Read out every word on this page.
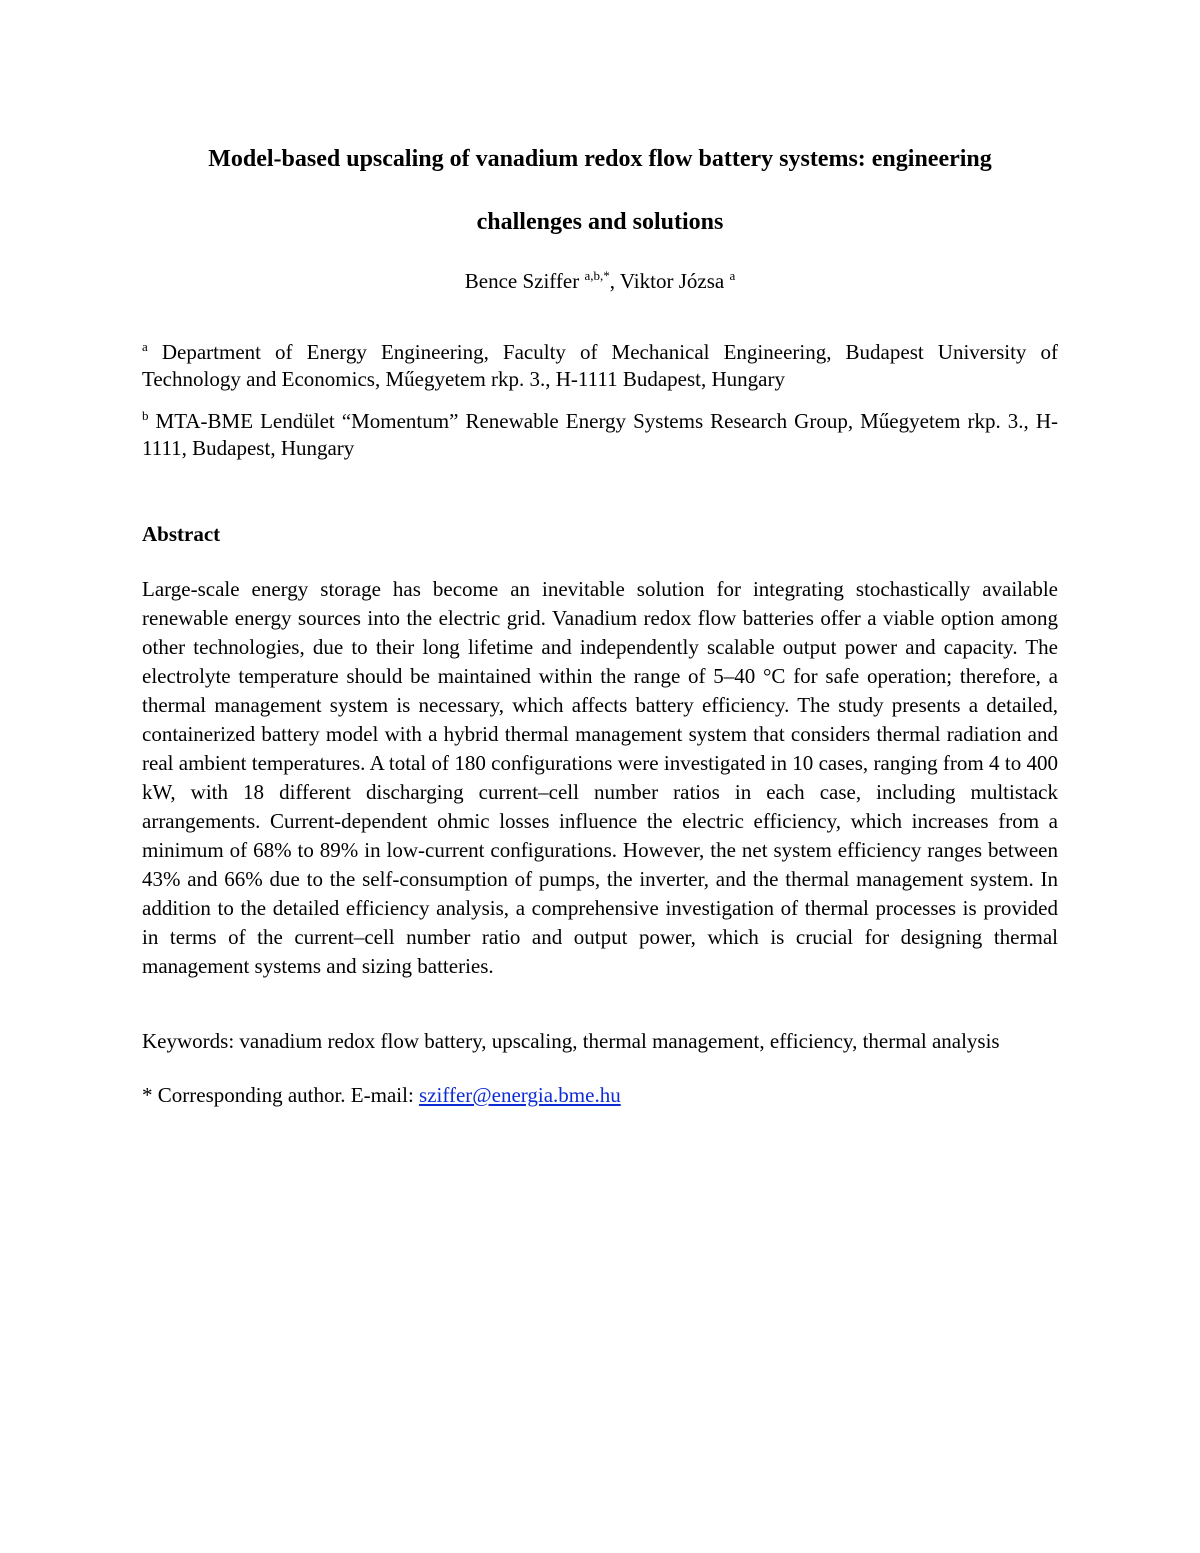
Model-based upscaling of vanadium redox flow battery systems: engineering
challenges and solutions
Bence Sziffer $^{a,b,*}$, Viktor Józsa $^a$

$^a$ Department of Energy Engineering, Faculty of Mechanical Engineering, Budapest University of Technology and Economics, Műegyetem rkp. 3., H-1111 Budapest, Hungary

$^b$ MTA-BME Lendület “Momentum” Renewable Energy Systems Research Group, Műegyetem rkp. 3., H-1111, Budapest, Hungary

Abstract

Large-scale energy storage has become an inevitable solution for integrating stochastically available renewable energy sources into the electric grid. Vanadium redox flow batteries offer a viable option among other technologies, due to their long lifetime and independently scalable output power and capacity. The electrolyte temperature should be maintained within the range of 5–40 °C for safe operation; therefore, a thermal management system is necessary, which affects battery efficiency. The study presents a detailed, containerized battery model with a hybrid thermal management system that considers thermal radiation and real ambient temperatures. A total of 180 configurations were investigated in 10 cases, ranging from 4 to 400 kW, with 18 different discharging current–cell number ratios in each case, including multistack arrangements. Current-dependent ohmic losses influence the electric efficiency, which increases from a minimum of 68% to 89% in low-current configurations. However, the net system efficiency ranges between 43% and 66% due to the self-consumption of pumps, the inverter, and the thermal management system. In addition to the detailed efficiency analysis, a comprehensive investigation of thermal processes is provided in terms of the current–cell number ratio and output power, which is crucial for designing thermal management systems and sizing batteries.

Keywords: vanadium redox flow battery, upscaling, thermal management, efficiency, thermal analysis

* Corresponding author. E-mail: sziffer@energia.bme.hu
